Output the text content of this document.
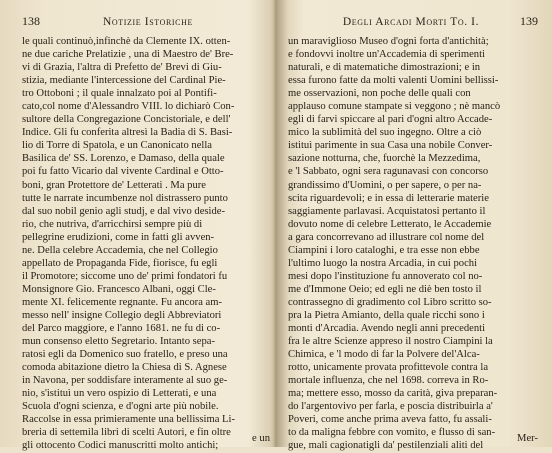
138	Notizie Istoriche

le quali continuò,infinchè da Clemente IX. otten-
ne due cariche Prelatizie , una di Maestro de' Bre-
vi di Grazia, l'altra di Prefetto de' Brevi di Giu-
stizia, mediante l'intercessione del Cardinal Pie-
tro Ottoboni ; il quale innalzato poi al Pontifi-
cato,col nome d'Alessandro VIII. lo dichiarò Con-
sultore della Congregazione Concistoriale, e dell'
Indice. Gli fu conferita altresì la Badia di S. Basi-
lio di Torre di Spatola, e un Canonicato nella
Basilica de' SS. Lorenzo, e Damaso, della quale
poi fu fatto Vicario dal vivente Cardinal e Otto-
boni, gran Protettore de' Letterati . Ma pure
tutte le narrate incumbenze nol distrassero punto
dal suo nobil genio agli studj, e dal vivo deside-
rio, che nutriva, d'arricchirsi sempre più di
pellegrine erudizioni, come in fatti gli avven-
ne. Della celebre Accademia, che nel Collegio
appellato de Propaganda Fide, fiorisce, fu egli
il Promotore; siccome uno de' primi fondatori fu
Monsignore Gio. Francesco Albani, oggi Cle-
mente XI. felicemente regnante. Fu ancora am-
messo nell' insigne Collegio degli Abbreviatori
del Parco maggiore, e l'anno 1681. ne fu di co-
mun consenso eletto Segretario. Intanto sepa-
ratosi egli da Domenico suo fratello, e preso una
comoda abitazione dietro la Chiesa di S. Agnese
in Navona, per soddisfare interamente al suo ge-
nio, s'istituì un vero ospizio di Letterati, e una
Scuola d'ogni scienza, e d'ogni arte più nobile.
Raccolse in essa primieramente una bellissima Li-
breria di settemila libri di scelti Autori, e fin oltre
gli ottocento Codici manuscritti molto antichi;

e un
Degli Arcadi Morti To. I.	139

un maraviglioso Museo d'ogni forta d'antichità;
e fondovvi inoltre un'Accademia di sperimenti
naturali, e di matematiche dimostrazioni; e in
essa furono fatte da molti valenti Uomini bellissi-
me osservazioni, non poche delle quali con
applauso comune stampate si veggono ; nè mancò
egli di farvi spiccare al pari d'ogni altro Accade-
mico la sublimità del suo ingegno. Oltre a ciò
istituì parimente in sua Casa una nobile Conver-
sazione notturna, che, fuorchè la Mezzedima,
e 'l Sabbato, ogni sera ragunavasi con concorso
grandissimo d'Uomini, o per sapere, o per na-
scita riguardevoli; e in essa di letterarie materie
saggiamente parlavasi. Acquistatosi pertanto il
dovuto nome di celebre Letterato, le Accademie
a gara concorrevano ad illustrare col nome del
Ciampini i loro cataloghi, e tra esse non ebbe
l'ultimo luogo la nostra Arcadia, in cui pochi
mesi dopo l'instituzione fu annoverato col no-
me d'Immone Oeio; ed egli ne diè ben tosto il
contrassegno di gradimento col Libro scritto so-
pra la Pietra Amianto, della quale ricchi sono i
monti d'Arcadia. Avendo negli anni precedenti
fra le altre Scienze appreso il nostro Ciampini la
Chimica, e 'l modo di far la Polvere del'Alca-
rotto, unicamente provata profittevole contra la
mortale influenza, che nel 1698. correva in Ro-
ma; mettere esso, mosso da carità, giva preparan-
do l'argentovivo per farla, e poscia distribuirla a'
Poveri, come anche prima aveva fatto, fu assali-
to da maligna febbre con vomito, e flusso di san-
gue, mali cagionatigli da' pestilenziali aliti del

Mer-
